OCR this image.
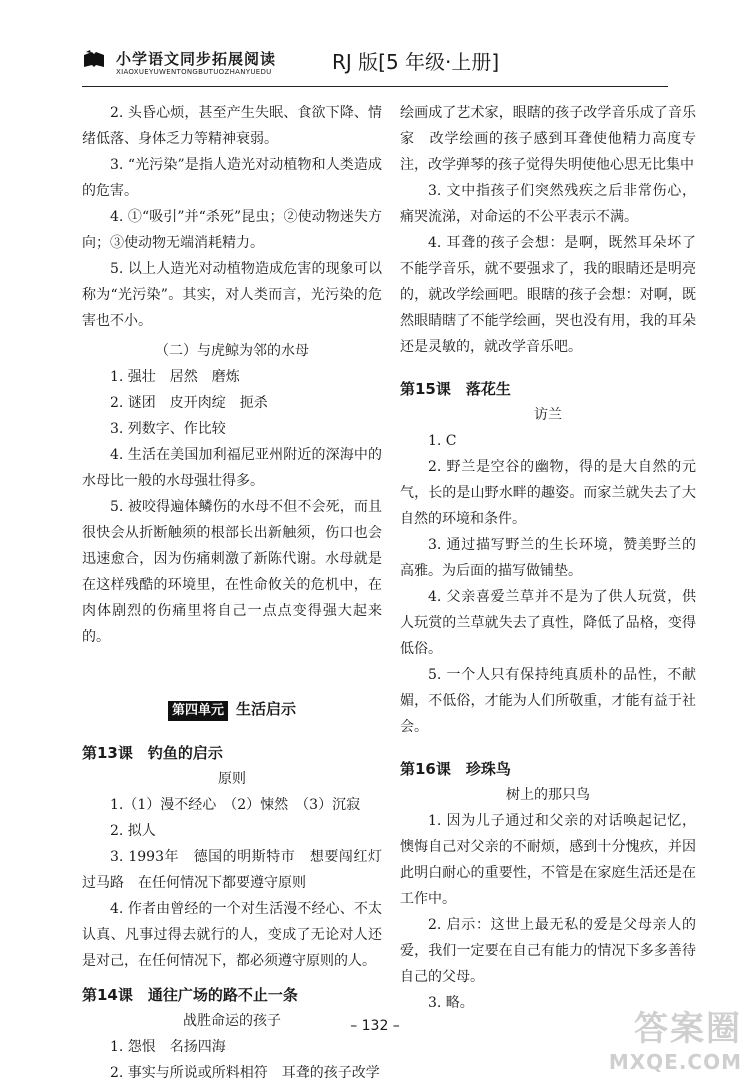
小学语文同步拓展阅读
XIAOXUEYUWENTONGBUTUOZHANYUEDU	RJ 版[5 年级·上册]

2. 头昏心烦，甚至产生失眠、食欲下降、情绪低落、身体乏力等精神衰弱。

3. “光污染”是指人造光对动植物和人类造成的危害。

4. ①“吸引”并“杀死”昆虫；②使动物迷失方向；③使动物无端消耗精力。

5. 以上人造光对动植物造成危害的现象可以称为“光污染”。其实，对人类而言，光污染的危害也不小。

（二）与虎鲸为邻的水母

1. 强壮　居然　磨炼

2. 谜团　皮开肉绽　扼杀

3. 列数字、作比较

4. 生活在美国加利福尼亚州附近的深海中的水母比一般的水母强壮得多。

5. 被咬得遍体鳞伤的水母不但不会死，而且很快会从折断触须的根部长出新触须，伤口也会迅速愈合，因为伤痛刺激了新陈代谢。水母就是在这样残酷的环境里，在性命攸关的危机中，在肉体剧烈的伤痛里将自己一点点变得强大起来的。

第四单元 生活启示

第13课　钓鱼的启示

原则

1.（1）漫不经心　（2）悚然　（3）沉寂

2. 拟人

3. 1993年　德国的明斯特市　想要闯红灯过马路　在任何情况下都要遵守原则

4. 作者由曾经的一个对生活漫不经心、不太认真、凡事过得去就行的人，变成了无论对人还是对己，在任何情况下，都必须遵守原则的人。

第14课　通往广场的路不止一条

战胜命运的孩子

1. 怨恨　名扬四海

2. 事实与所说或所料相符　耳聋的孩子改学

绘画成了艺术家，眼瞎的孩子改学音乐成了音乐家　改学绘画的孩子感到耳聋使他精力高度专注，改学弹琴的孩子觉得失明使他心思无比集中

3. 文中指孩子们突然残疾之后非常伤心，痛哭流涕，对命运的不公平表示不满。

4. 耳聋的孩子会想：是啊，既然耳朵坏了不能学音乐，就不要强求了，我的眼睛还是明亮的，就改学绘画吧。眼瞎的孩子会想：对啊，既然眼睛瞎了不能学绘画，哭也没有用，我的耳朵还是灵敏的，就改学音乐吧。

第15课　落花生

访兰

1. C

2. 野兰是空谷的幽物，得的是大自然的元气，长的是山野水畔的趣姿。而家兰就失去了大自然的环境和条件。

3. 通过描写野兰的生长环境，赞美野兰的高雅。为后面的描写做铺垫。

4. 父亲喜爱兰草并不是为了供人玩赏，供人玩赏的兰草就失去了真性，降低了品格，变得低俗。

5. 一个人只有保持纯真质朴的品性，不献媚，不低俗，才能为人们所敬重，才能有益于社会。

第16课　珍珠鸟

树上的那只鸟

1. 因为儿子通过和父亲的对话唤起记忆，懊悔自己对父亲的不耐烦，感到十分愧疚，并因此明白耐心的重要性，不管是在家庭生活还是在工作中。

2. 启示：这世上最无私的爱是父母亲人的爱，我们一定要在自己有能力的情况下多多善待自己的父母。

3. 略。

– 132 –	答案圈
MXQE.COM
